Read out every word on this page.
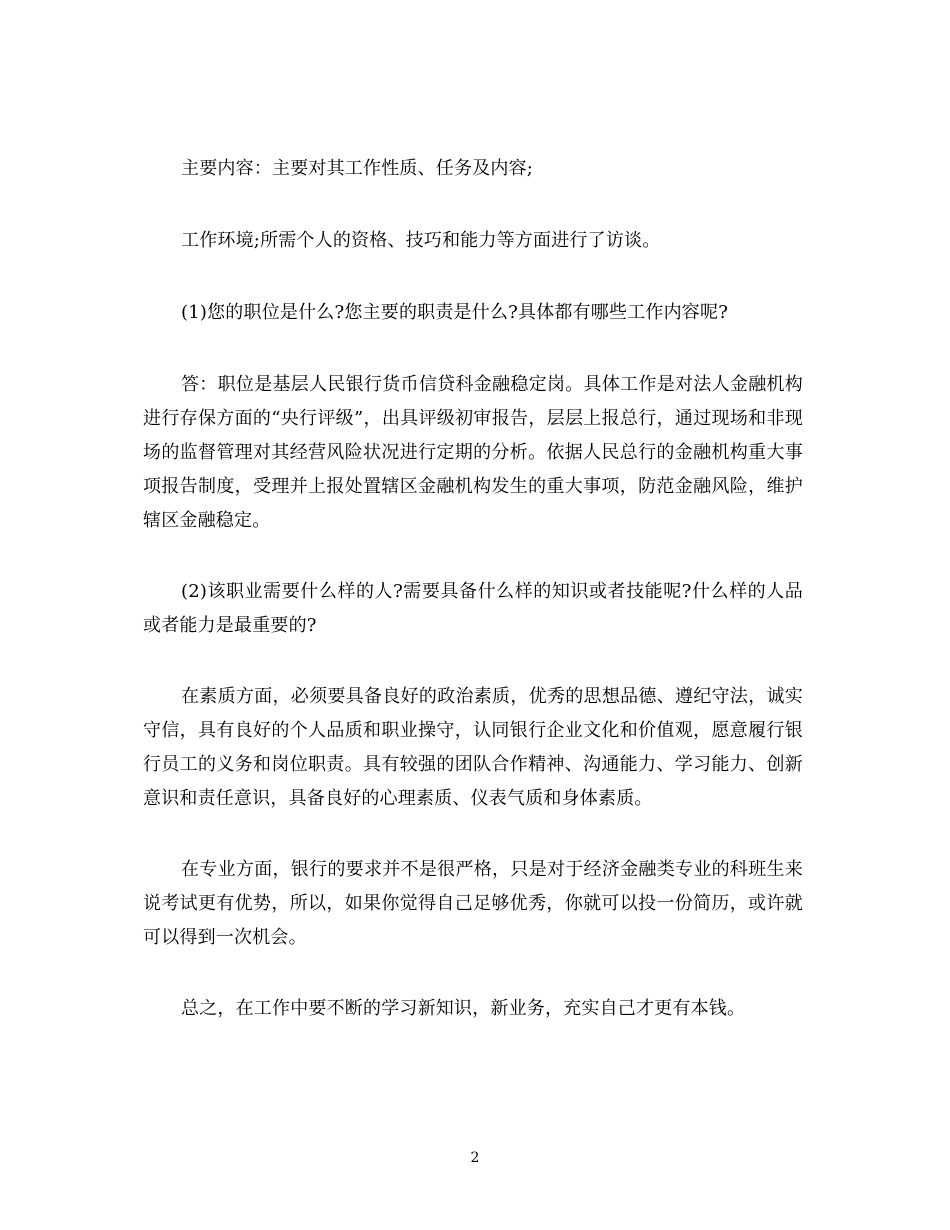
主要内容：主要对其工作性质、任务及内容;

工作环境;所需个人的资格、技巧和能力等方面进行了访谈。

(1)您的职位是什么?您主要的职责是什么?具体都有哪些工作内容呢?

答：职位是基层人民银行货币信贷科金融稳定岗。具体工作是对法人金融机构进行存保方面的“央行评级”，出具评级初审报告，层层上报总行，通过现场和非现场的监督管理对其经营风险状况进行定期的分析。依据人民总行的金融机构重大事项报告制度，受理并上报处置辖区金融机构发生的重大事项，防范金融风险，维护辖区金融稳定。

(2)该职业需要什么样的人?需要具备什么样的知识或者技能呢?什么样的人品或者能力是最重要的?

在素质方面，必须要具备良好的政治素质，优秀的思想品德、遵纪守法，诚实守信，具有良好的个人品质和职业操守，认同银行企业文化和价值观，愿意履行银行员工的义务和岗位职责。具有较强的团队合作精神、沟通能力、学习能力、创新意识和责任意识，具备良好的心理素质、仪表气质和身体素质。

在专业方面，银行的要求并不是很严格，只是对于经济金融类专业的科班生来说考试更有优势，所以，如果你觉得自己足够优秀，你就可以投一份简历，或许就可以得到一次机会。

总之，在工作中要不断的学习新知识，新业务，充实自己才更有本钱。

2
